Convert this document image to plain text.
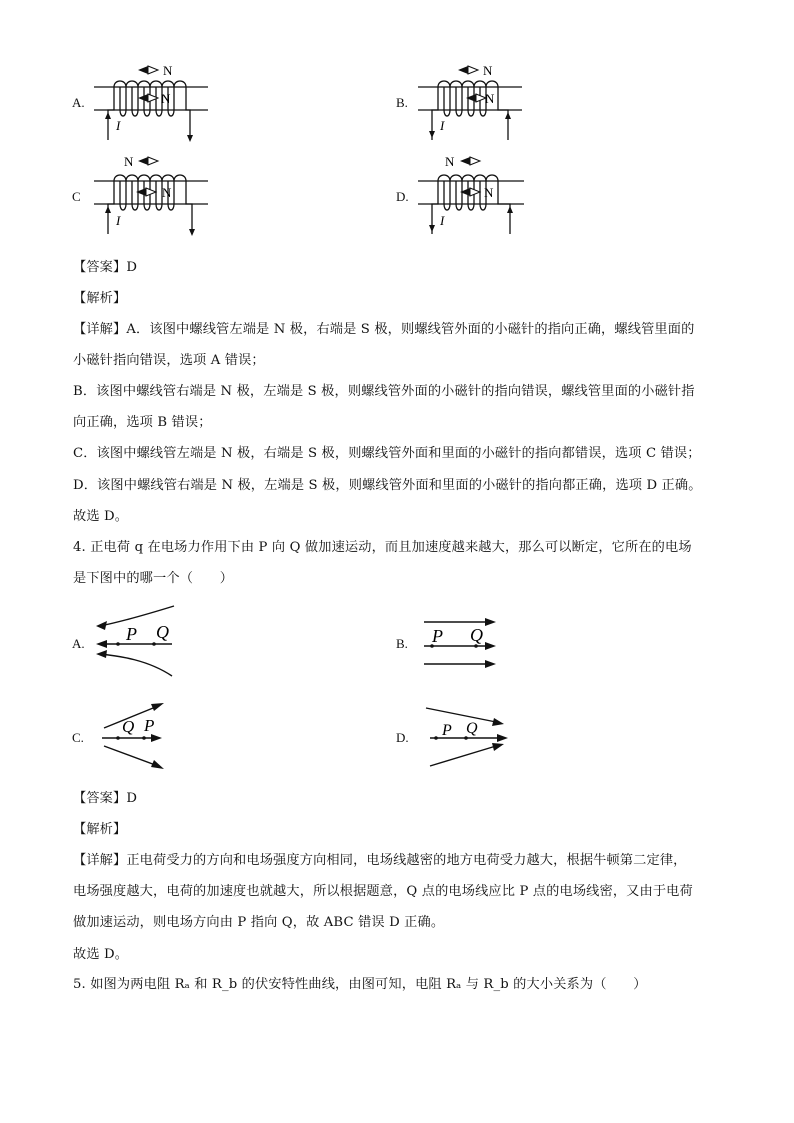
A.
N
N
I
B.
N
N
I
C
N
N
I
D.
N
N
I
【答案】D
【解析】
【详解】A．该图中螺线管左端是 N 极，右端是 S 极，则螺线管外面的小磁针的指向正确，螺线管里面的
小磁针指向错误，选项 A 错误；
B．该图中螺线管右端是 N 极，左端是 S 极，则螺线管外面的小磁针的指向错误，螺线管里面的小磁针指
向正确，选项 B 错误；
C．该图中螺线管左端是 N 极，右端是 S 极，则螺线管外面和里面的小磁针的指向都错误，选项 C 错误；
D．该图中螺线管右端是 N 极，左端是 S 极，则螺线管外面和里面的小磁针的指向都正确，选项 D 正确。
故选 D。
4. 正电荷 q 在电场力作用下由 P 向 Q 做加速运动，而且加速度越来越大，那么可以断定，它所在的电场
是下图中的哪一个（　　）
A. P Q
B. P Q
C.
Q P
D. P Q
【答案】D
【解析】
【详解】正电荷受力的方向和电场强度方向相同，电场线越密的地方电荷受力越大，根据牛顿第二定律，
电场强度越大，电荷的加速度也就越大，所以根据题意，Q 点的电场线应比 P 点的电场线密，又由于电荷
做加速运动，则电场方向由 P 指向 Q，故 ABC 错误 D 正确。
故选 D。
5. 如图为两电阻 Rₐ 和 R_b 的伏安特性曲线，由图可知，电阻 Rₐ 与 R_b 的大小关系为（　　）
